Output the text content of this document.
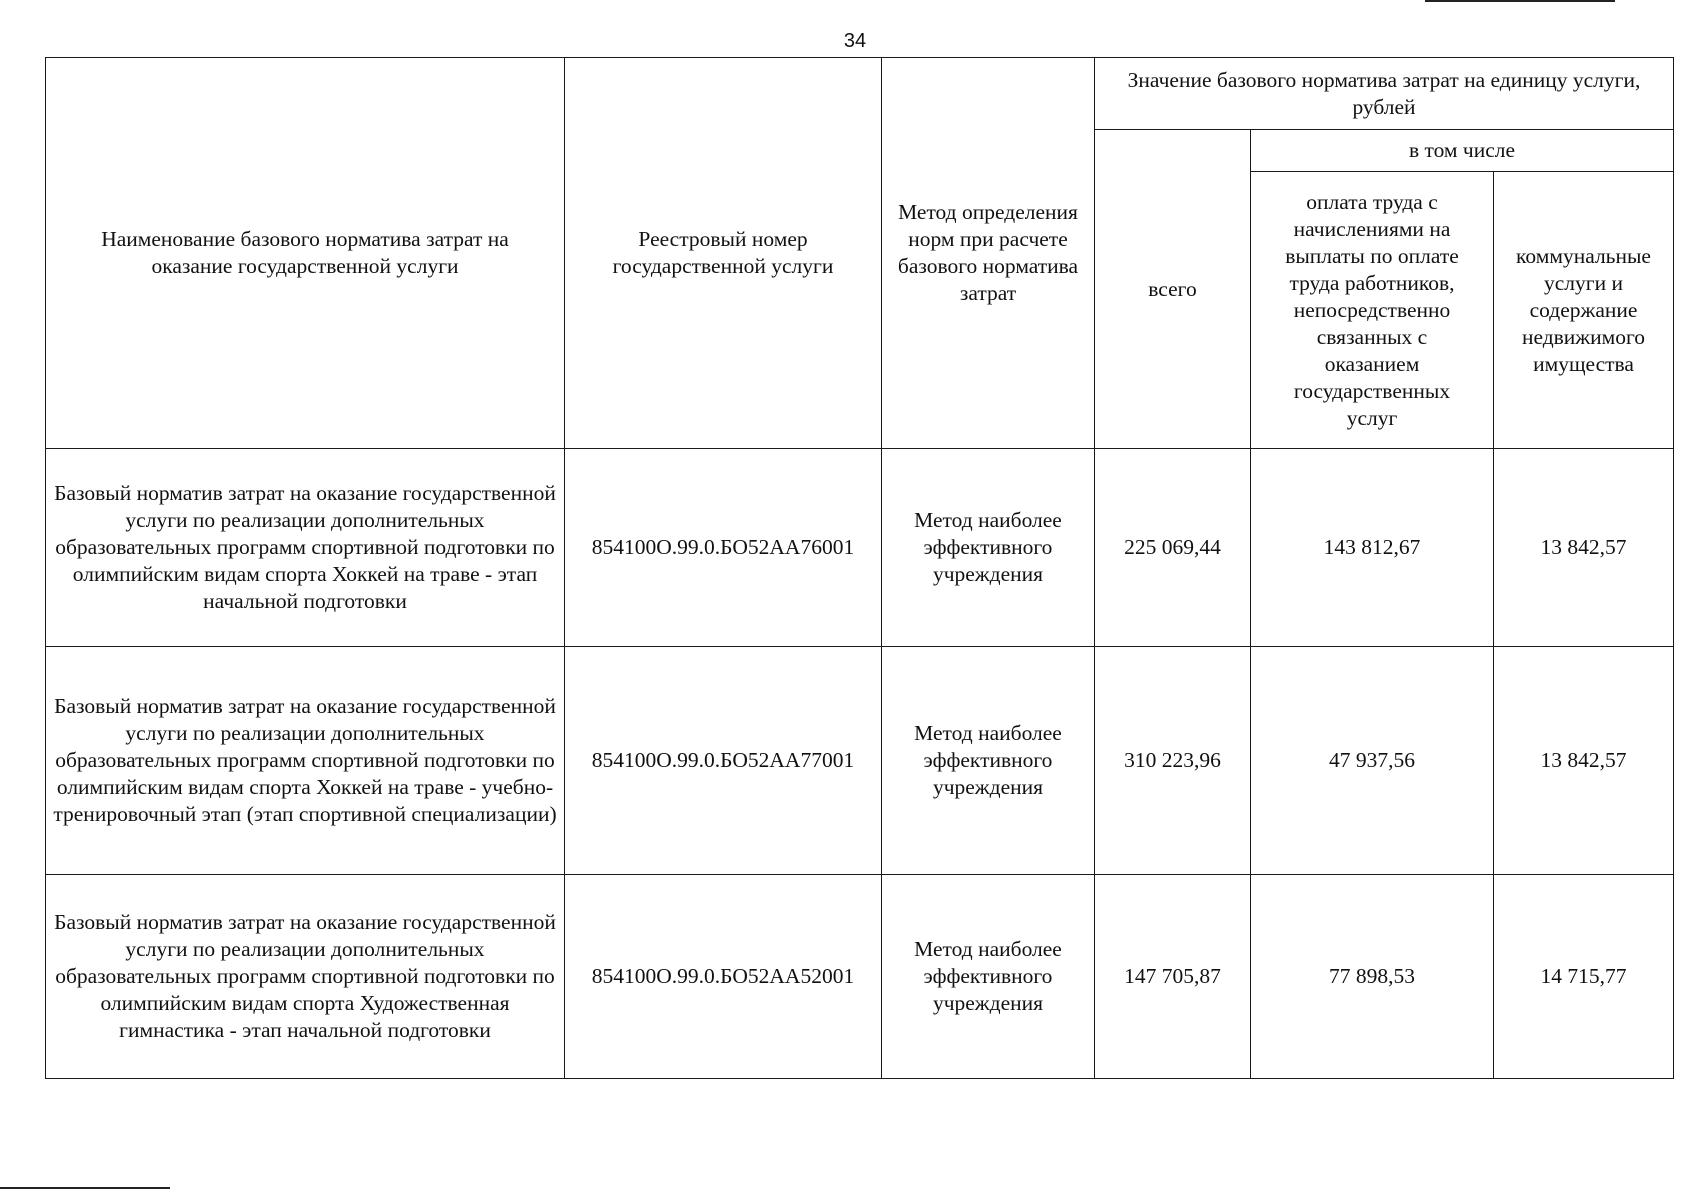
34
Наименование базового норматива затрат на оказание государственной услуги	Реестровый номер государственной услуги	Метод определения норм при расчете базового норматива затрат	Значение базового норматива затрат на единицу услуги, рублей		
			всего	в том числе	
				оплата труда с начислениями на выплаты по оплате труда работников, непосредственно связанных с оказанием государственных услуг	коммунальные услуги и содержание недвижимого имущества
Базовый норматив затрат на оказание государственной услуги по реализации дополнительных образовательных программ спортивной подготовки по олимпийским видам спорта Хоккей на траве - этап начальной подготовки	854100О.99.0.БО52АА76001	Метод наиболее эффективного учреждения	225 069,44	143 812,67	13 842,57
Базовый норматив затрат на оказание государственной услуги по реализации дополнительных образовательных программ спортивной подготовки по олимпийским видам спорта Хоккей на траве - учебно-тренировочный этап (этап спортивной специализации)	854100О.99.0.БО52АА77001	Метод наиболее эффективного учреждения	310 223,96	47 937,56	13 842,57
Базовый норматив затрат на оказание государственной услуги по реализации дополнительных образовательных программ спортивной подготовки по олимпийским видам спорта Художественная гимнастика - этап начальной подготовки	854100О.99.0.БО52АА52001	Метод наиболее эффективного учреждения	147 705,87	77 898,53	14 715,77
